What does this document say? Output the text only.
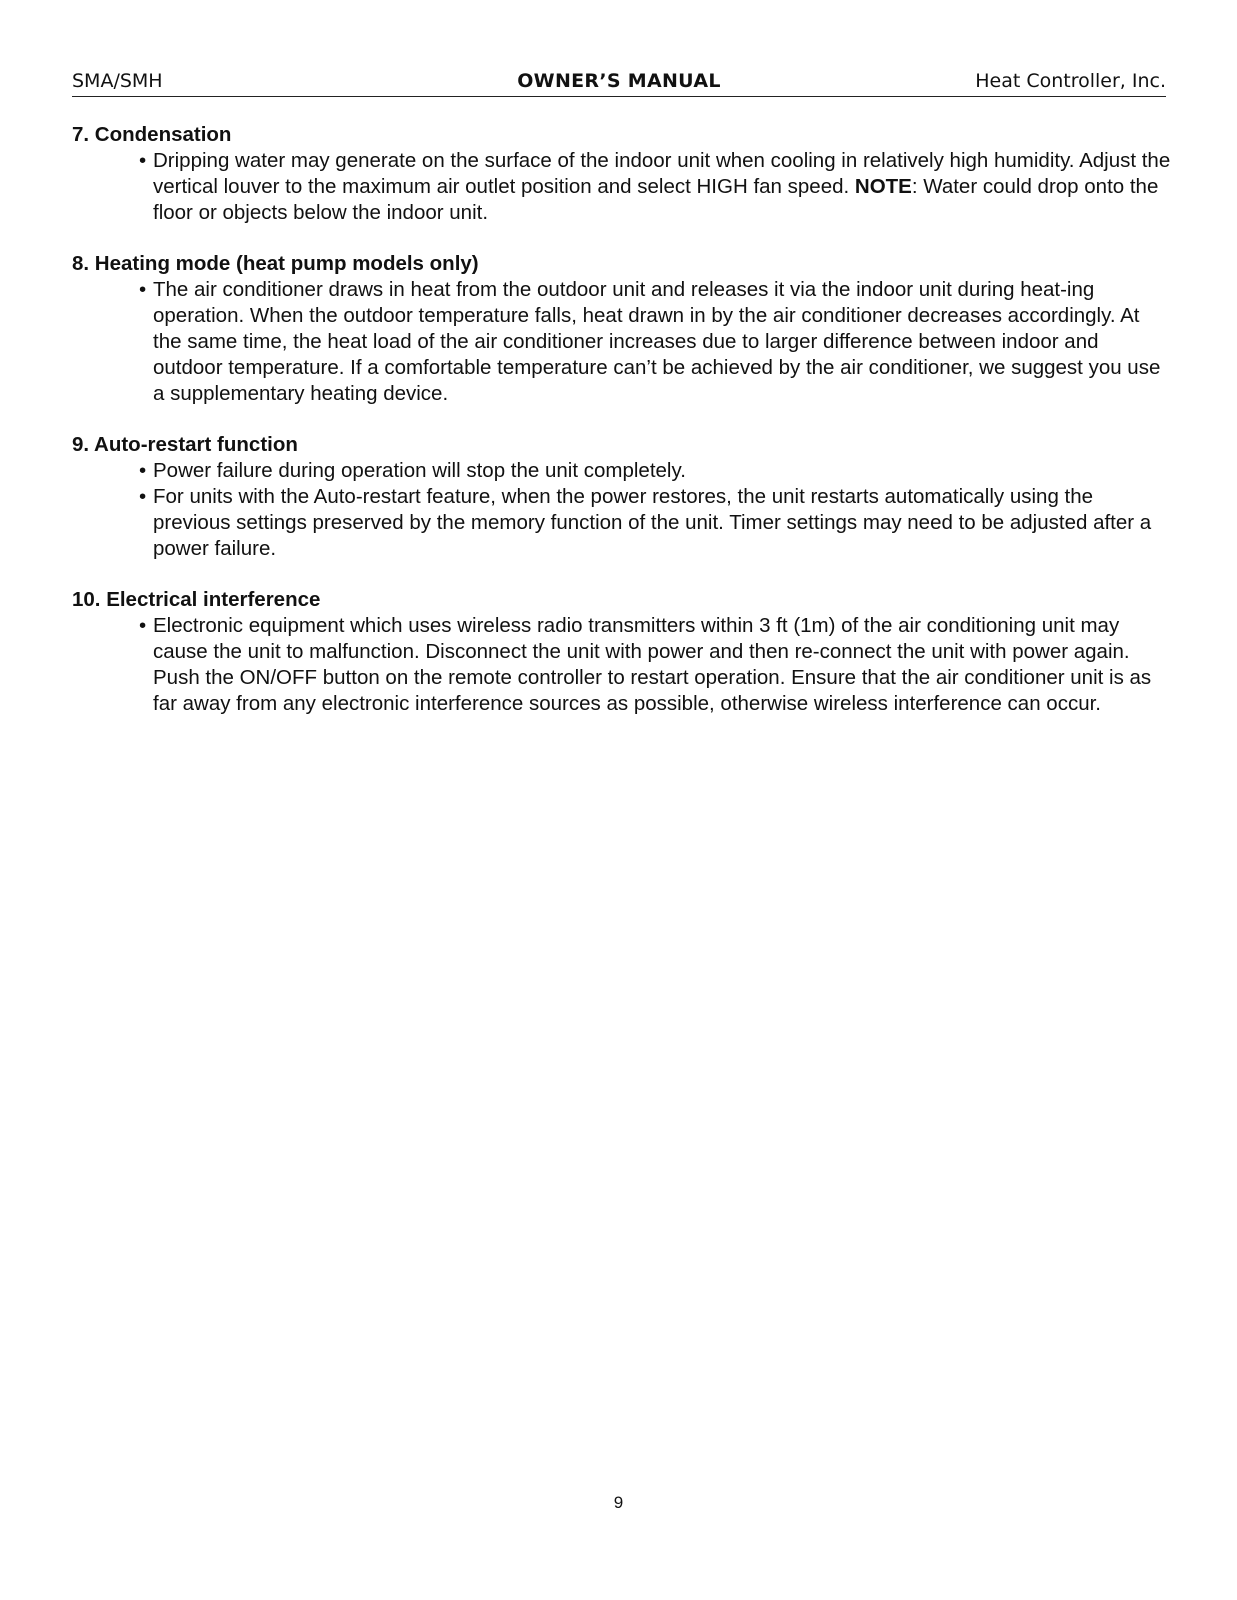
SMA/SMH	OWNER’S MANUAL	Heat Controller, Inc.
7. Condensation
• Dripping water may generate on the surface of the indoor unit when cooling in relatively high humidity. Adjust the vertical louver to the maximum air outlet position and select HIGH fan speed. NOTE: Water could drop onto the floor or objects below the indoor unit.
8. Heating mode (heat pump models only)
• The air conditioner draws in heat from the outdoor unit and releases it via the indoor unit during heat-ing operation. When the outdoor temperature falls, heat drawn in by the air conditioner decreases accordingly. At the same time, the heat load of the air conditioner increases due to larger difference between indoor and outdoor temperature. If a comfortable temperature can’t be achieved by the air conditioner, we suggest you use a supplementary heating device.
9. Auto-restart function
• Power failure during operation will stop the unit completely.
• For units with the Auto-restart feature, when the power restores, the unit restarts automatically using the previous settings preserved by the memory function of the unit. Timer settings may need to be adjusted after a power failure.
10. Electrical interference
• Electronic equipment which uses wireless radio transmitters within 3 ft (1m) of the air conditioning unit may cause the unit to malfunction. Disconnect the unit with power and then re-connect the unit with power again. Push the ON/OFF button on the remote controller to restart operation. Ensure that the air conditioner unit is as far away from any electronic interference sources as possible, otherwise wireless interference can occur.
9
